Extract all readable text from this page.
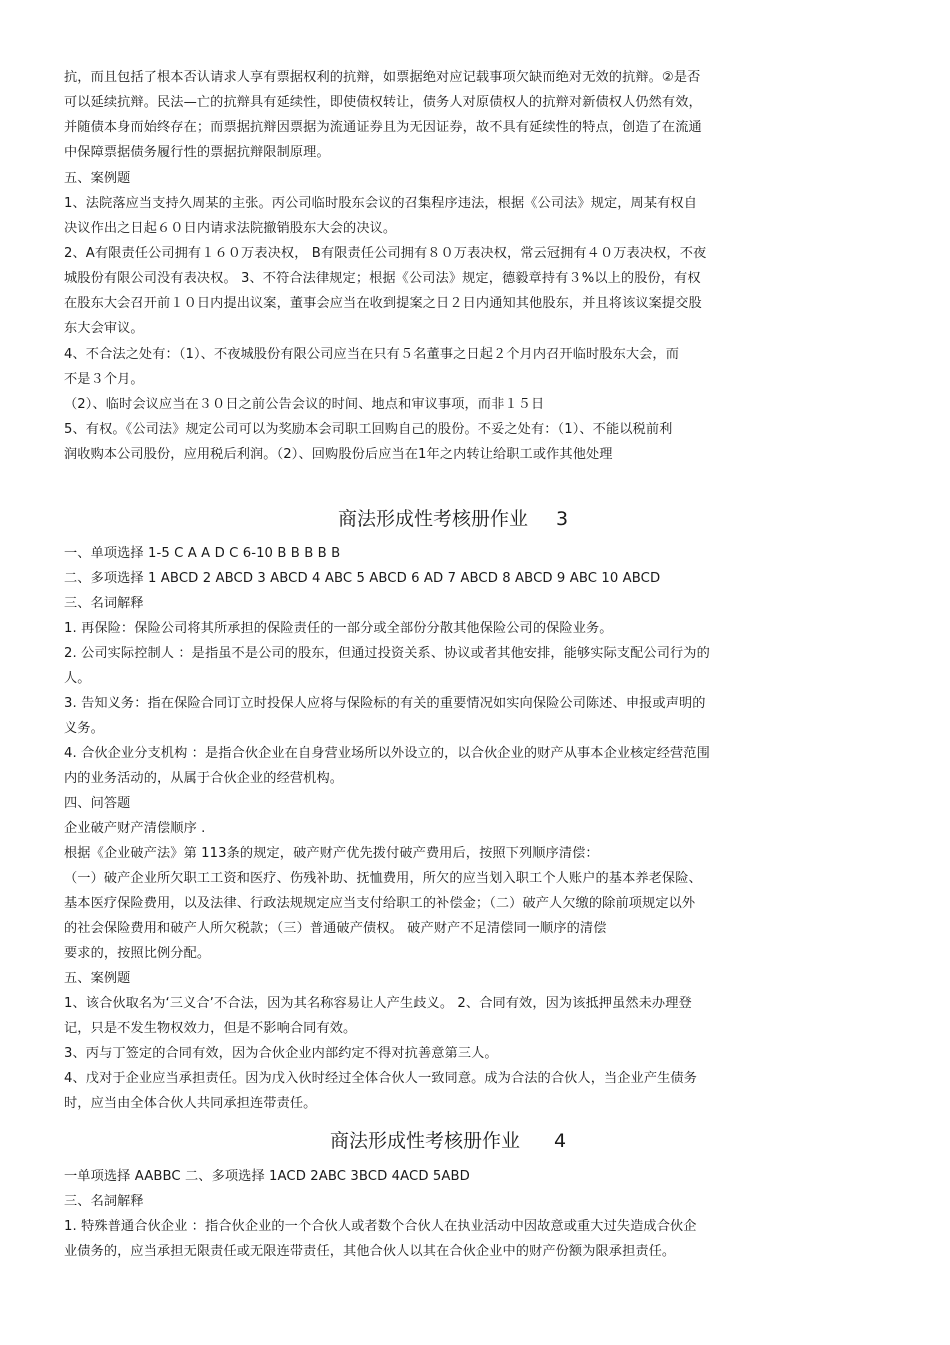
抗，而且包括了根本否认请求人享有票据权利的抗辩，如票据绝对应记载事项欠缺而绝对无效的抗辩。②是否
可以延续抗辩。民法—亡的抗辩具有延续性，即使债权转让，债务人对原债权人的抗辩对新债权人仍然有效，
并随债本身而始终存在；而票据抗辩因票据为流通证券且为无因证券，故不具有延续性的特点，创造了在流通
中保障票据债务履行性的票据抗辩限制原理。
五、案例题
1、法院落应当支持久周某的主张。丙公司临时股东会议的召集程序违法，根据《公司法》规定，周某有权自
决议作出之日起６０日内请求法院撤销股东大会的决议。
2、A有限责任公司拥有１６０万表决权， B有限责任公司拥有８０万表决权，常云冠拥有４０万表决权，不夜
城股份有限公司没有表决权。 3、不符合法律规定；根据《公司法》规定，德毅章持有３%以上的股份，有权
在股东大会召开前１０日内提出议案，董事会应当在收到提案之日２日内通知其他股东，并且将该议案提交股
东大会审议。
4、不合法之处有：（1）、不夜城股份有限公司应当在只有５名董事之日起２个月内召开临时股东大会，而
不是３个月。
（2）、临时会议应当在３０日之前公告会议的时间、地点和审议事项，而非１５日
5、有权。《公司法》规定公司可以为奖励本会司职工回购自己的股份。不妥之处有：（1）、不能以税前利
润收购本公司股份，应用税后利润。（2）、回购股份后应当在1年之内转让给职工或作其他处理
商法形成性考核册作业 3
一、单项选择 1-5 C A A D C 6-10 B B B B B
二、多项选择 1 ABCD 2 ABCD 3 ABCD 4 ABC 5 ABCD 6 AD 7 ABCD 8 ABCD 9 ABC 10 ABCD
三、名词解释
1. 再保险：保险公司将其所承担的保险责任的一部分或全部份分散其他保险公司的保险业务。
2. 公司实际控制人 ：是指虽不是公司的股东，但通过投资关系、协议或者其他安排，能够实际支配公司行为的
人。
3. 告知义务：指在保险合同订立时投保人应将与保险标的有关的重要情况如实向保险公司陈述、申报或声明的
义务。
4. 合伙企业分支机构 ：是指合伙企业在自身营业场所以外设立的，以合伙企业的财产从事本企业核定经营范围
内的业务活动的，从属于合伙企业的经营机构。
四、问答题
企业破产财产清偿顺序 .
根据《企业破产法》第 113条的规定，破产财产优先拨付破产费用后，按照下列顺序清偿：
（一）破产企业所欠职工工资和医疗、伤残补助、抚恤费用，所欠的应当划入职工个人账户的基本养老保险、
基本医疗保险费用，以及法律、行政法规规定应当支付给职工的补偿金；（二）破产人欠缴的除前项规定以外
的社会保险费用和破产人所欠税款；（三）普通破产债权。 破产财产不足清偿同一顺序的清偿
要求的，按照比例分配。
五、案例题
1、该合伙取名为‘三义合’不合法，因为其名称容易让人产生歧义。 2、合同有效，因为该抵押虽然未办理登
记，只是不发生物权效力，但是不影响合同有效。
3、丙与丁签定的合同有效，因为合伙企业内部约定不得对抗善意第三人。
4、戊对于企业应当承担责任。因为戊入伙时经过全体合伙人一致同意。成为合法的合伙人，当企业产生债务
时，应当由全体合伙人共同承担连带责任。
商法形成性考核册作业 4
一单项选择 AABBC 二、多项选择 1ACD 2ABC 3BCD 4ACD 5ABD
三、名詞解释
1. 特殊普通合伙企业 ：指合伙企业的一个合伙人或者数个合伙人在执业活动中因故意或重大过失造成合伙企
业债务的，应当承担无限责任或无限连带责任，其他合伙人以其在合伙企业中的财产份额为限承担责任。
